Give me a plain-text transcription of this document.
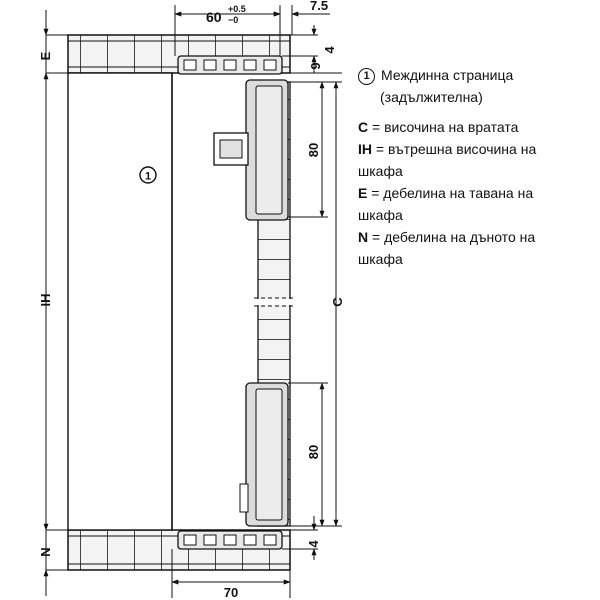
1
E
IH
N
60 +0.5
−0
7.5
4
9
80
80
C
4
70
1 Междинна страница
(задължителна)
C = височина на вратата
IH = вътрешна височина на
шкафа
E = дебелина на тавана на
шкафа
N = дебелина на дъното на
шкафа
